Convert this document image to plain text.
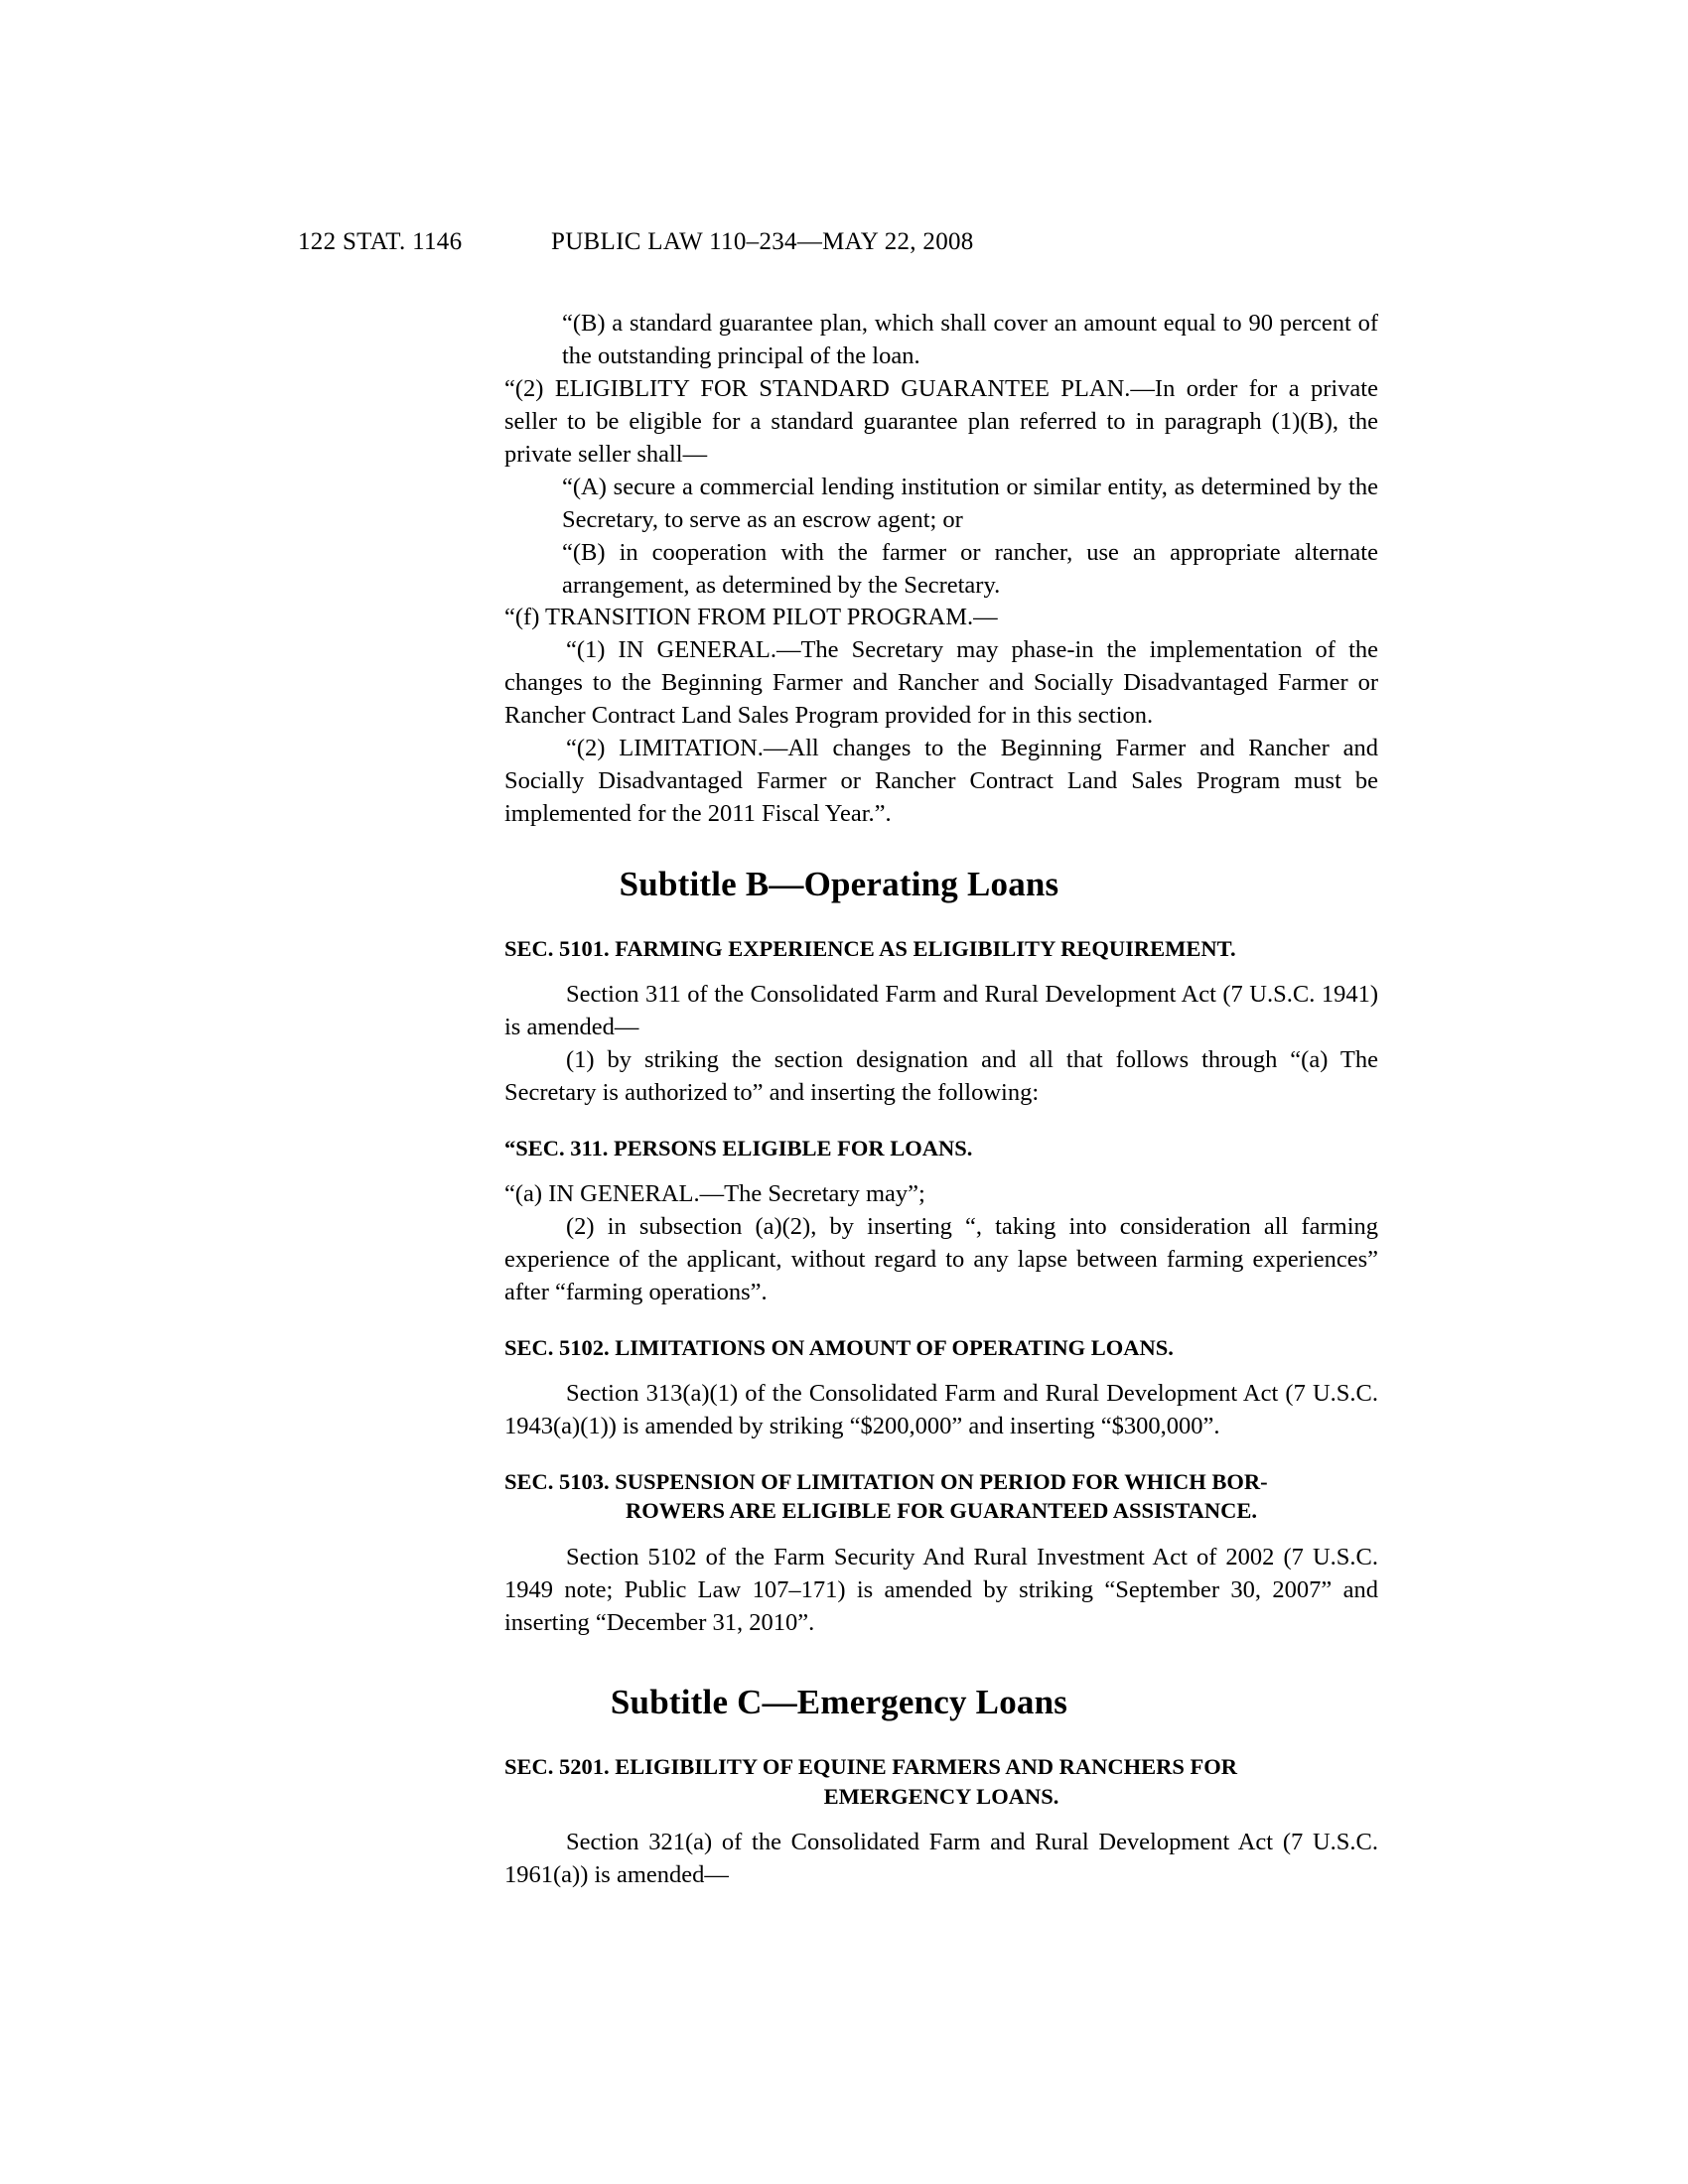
122 STAT. 1146	PUBLIC LAW 110–234—MAY 22, 2008

“(B) a standard guarantee plan, which shall cover an amount equal to 90 percent of the outstanding principal of the loan.

“(2) ELIGIBLITY FOR STANDARD GUARANTEE PLAN.—In order for a private seller to be eligible for a standard guarantee plan referred to in paragraph (1)(B), the private seller shall—

“(A) secure a commercial lending institution or similar entity, as determined by the Secretary, to serve as an escrow agent; or

“(B) in cooperation with the farmer or rancher, use an appropriate alternate arrangement, as determined by the Secretary.

“(f) TRANSITION FROM PILOT PROGRAM.—

“(1) IN GENERAL.—The Secretary may phase-in the implementation of the changes to the Beginning Farmer and Rancher and Socially Disadvantaged Farmer or Rancher Contract Land Sales Program provided for in this section.

“(2) LIMITATION.—All changes to the Beginning Farmer and Rancher and Socially Disadvantaged Farmer or Rancher Contract Land Sales Program must be implemented for the 2011 Fiscal Year.”.

Subtitle B—Operating Loans
SEC. 5101. FARMING EXPERIENCE AS ELIGIBILITY REQUIREMENT.

Section 311 of the Consolidated Farm and Rural Development Act (7 U.S.C. 1941) is amended—

(1) by striking the section designation and all that follows through “(a) The Secretary is authorized to” and inserting the following:

“SEC. 311. PERSONS ELIGIBLE FOR LOANS.

“(a) IN GENERAL.—The Secretary may”;

(2) in subsection (a)(2), by inserting “, taking into consideration all farming experience of the applicant, without regard to any lapse between farming experiences” after “farming operations”.

SEC. 5102. LIMITATIONS ON AMOUNT OF OPERATING LOANS.

Section 313(a)(1) of the Consolidated Farm and Rural Development Act (7 U.S.C. 1943(a)(1)) is amended by striking “$200,000” and inserting “$300,000”.

SEC. 5103. SUSPENSION OF LIMITATION ON PERIOD FOR WHICH BOR-
ROWERS ARE ELIGIBLE FOR GUARANTEED ASSISTANCE.

Section 5102 of the Farm Security And Rural Investment Act of 2002 (7 U.S.C. 1949 note; Public Law 107–171) is amended by striking “September 30, 2007” and inserting “December 31, 2010”.

Subtitle C—Emergency Loans
SEC. 5201. ELIGIBILITY OF EQUINE FARMERS AND RANCHERS FOR
EMERGENCY LOANS.

Section 321(a) of the Consolidated Farm and Rural Development Act (7 U.S.C. 1961(a)) is amended—
